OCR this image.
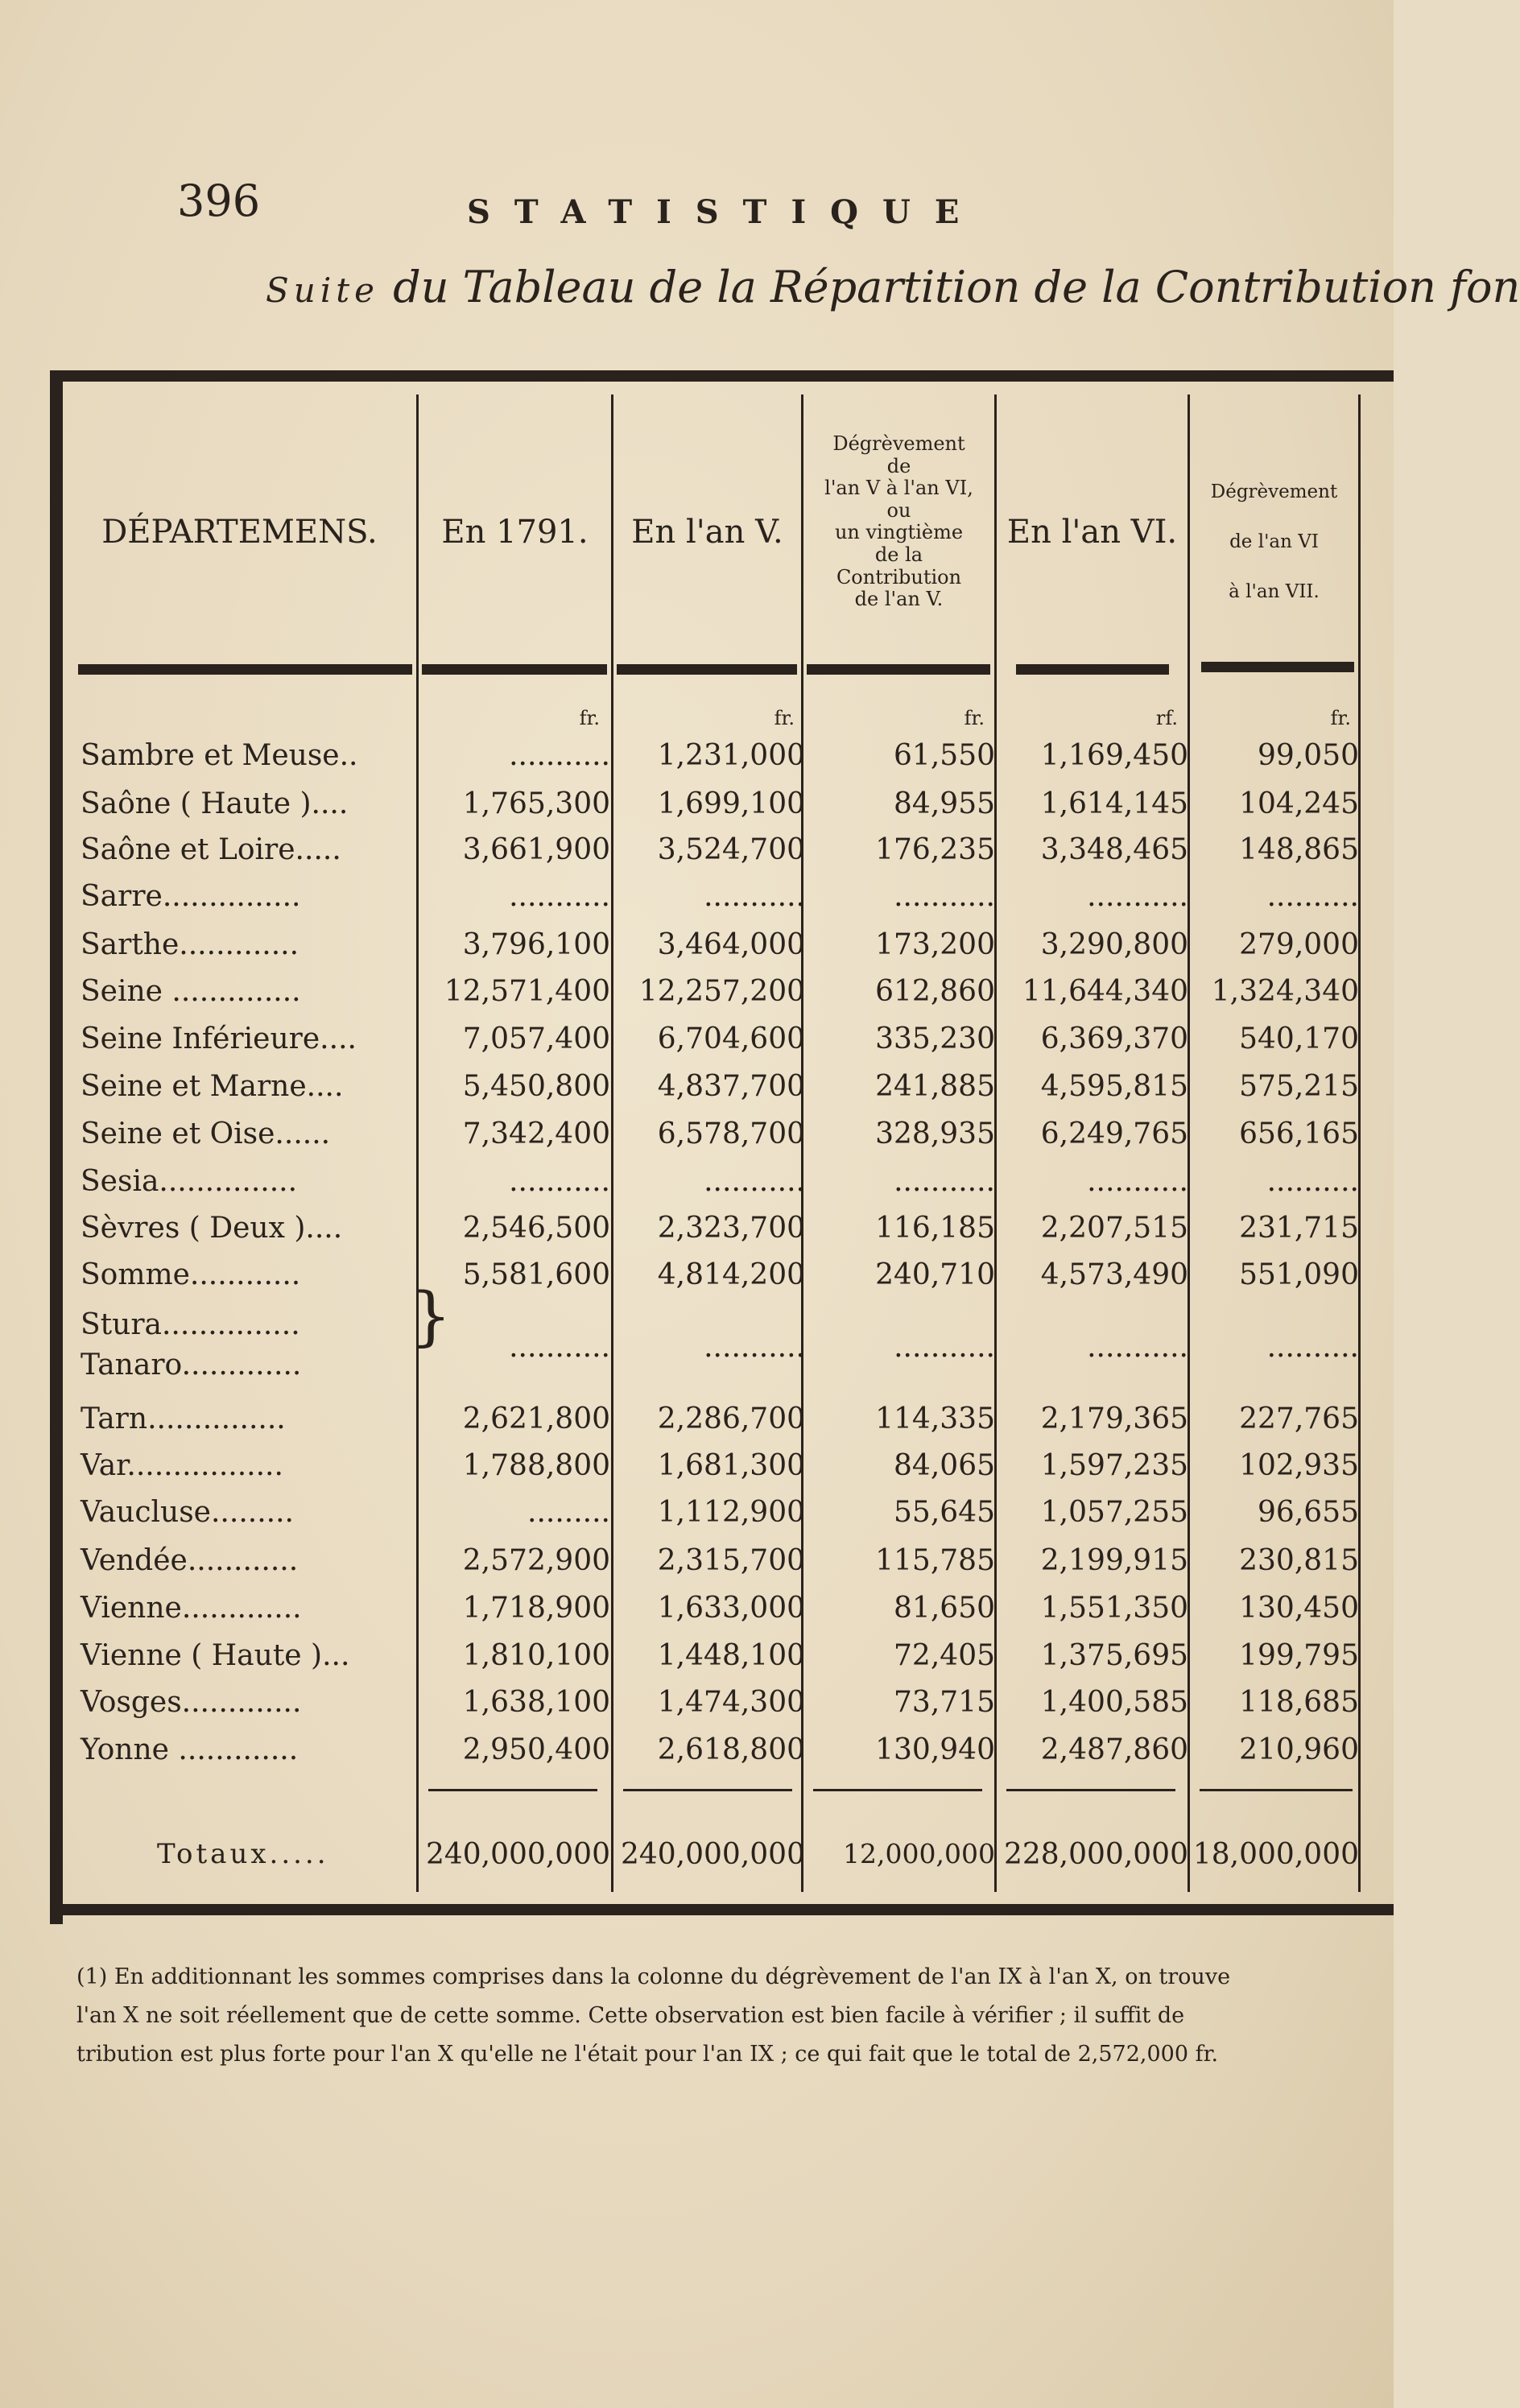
396	STATISTIQUE
Suite du Tableau de la Répartition de la Contribution fon
DÉPARTEMENS.	En 1791.	En l'an V.
Dégrèvement
de
l'an V à l'an VI,
ou
un vingtième
de la
Contribution
de l'an V.
En l'an VI.
Dégrèvement
de l'an VI
à l'an VII.
fr.	fr.	fr.	rf.	fr.
Sambre et Meuse..	...........	1,231,000	61,550	1,169,450	99,050
Saône ( Haute )....	1,765,300	1,699,100	84,955	1,614,145	104,245
Saône et Loire.....	3,661,900	3,524,700	176,235	3,348,465	148,865
Sarre...............	...........	...........	...........	...........	..........
Sarthe.............	3,796,100	3,464,000	173,200	3,290,800	279,000
Seine ..............	12,571,400 12,257,200	612,860 11,644,340 1,324,340
Seine Inférieure....	7,057,400	6,704,600	335,230	6,369,370	540,170
Seine et Marne....	5,450,800	4,837,700	241,885	4,595,815	575,215
Seine et Oise......	7,342,400	6,578,700	328,935	6,249,765	656,165
Sesia...............	...........	...........	...........	...........	..........
Sèvres ( Deux )....	2,546,500	2,323,700	116,185	2,207,515	231,715
Somme............	5,581,600	4,814,200	240,710	4,573,490	551,090
Stura...............
Tanaro.............
...........	...........	...........	...........	..........
Tarn...............	2,621,800	2,286,700	114,335	2,179,365	227,765
Var.................	1,788,800	1,681,300	84,065	1,597,235	102,935
Vaucluse.........	.........	1,112,900	55,645	1,057,255	96,655
Vendée............	2,572,900	2,315,700	115,785	2,199,915	230,815
Vienne.............	1,718,900	1,633,000	81,650	1,551,350	130,450
Vienne ( Haute )...	1,810,100	1,448,100	72,405	1,375,695	199,795
Vosges.............	1,638,100	1,474,300	73,715	1,400,585	118,685
Yonne .............	2,950,400	2,618,800	130,940	2,487,860	210,960
}
Totaux.....	240,000,000 240,000,000	12,000,000 228,000,000 18,000,000
(1) En additionnant les sommes comprises dans la colonne du dégrèvement de l'an IX à l'an X, on trouve
l'an X ne soit réellement que de cette somme. Cette observation est bien facile à vérifier ; il suffit de
tribution est plus forte pour l'an X qu'elle ne l'était pour l'an IX ; ce qui fait que le total de 2,572,000 fr.
